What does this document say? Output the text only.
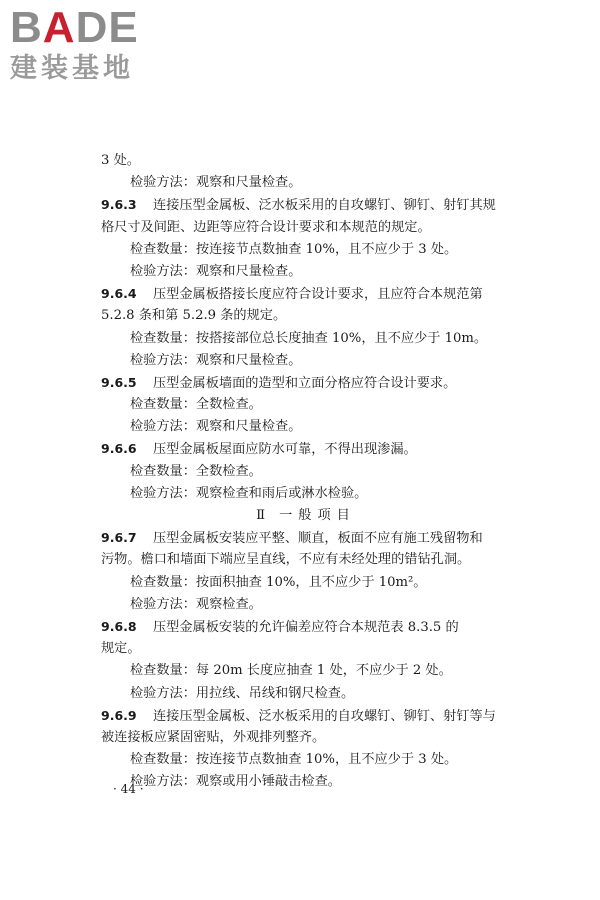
BADE
建装基地
3 处。
检验方法：观察和尺量检查。
9.6.3 连接压型金属板、泛水板采用的自攻螺钉、铆钉、射钉其规
格尺寸及间距、边距等应符合设计要求和本规范的规定。
检查数量：按连接节点数抽查 10%，且不应少于 3 处。
检验方法：观察和尺量检查。
9.6.4 压型金属板搭接长度应符合设计要求，且应符合本规范第
5.2.8 条和第 5.2.9 条的规定。
检查数量：按搭接部位总长度抽查 10%，且不应少于 10m。
检验方法：观察和尺量检查。
9.6.5 压型金属板墙面的造型和立面分格应符合设计要求。
检查数量：全数检查。
检验方法：观察和尺量检查。
9.6.6 压型金属板屋面应防水可靠，不得出现渗漏。
检查数量：全数检查。
检验方法：观察检查和雨后或淋水检验。
Ⅱ 一般项目
9.6.7 压型金属板安装应平整、顺直，板面不应有施工残留物和
污物。檐口和墙面下端应呈直线，不应有未经处理的错钻孔洞。
检查数量：按面积抽查 10%，且不应少于 10m²。
检验方法：观察检查。
9.6.8 压型金属板安装的允许偏差应符合本规范表 8.3.5 的
规定。
检查数量：每 20m 长度应抽查 1 处，不应少于 2 处。
检验方法：用拉线、吊线和钢尺检查。
9.6.9 连接压型金属板、泛水板采用的自攻螺钉、铆钉、射钉等与
被连接板应紧固密贴，外观排列整齐。
检查数量：按连接节点数抽查 10%，且不应少于 3 处。
检验方法：观察或用小锤敲击检查。
· 44 ·
